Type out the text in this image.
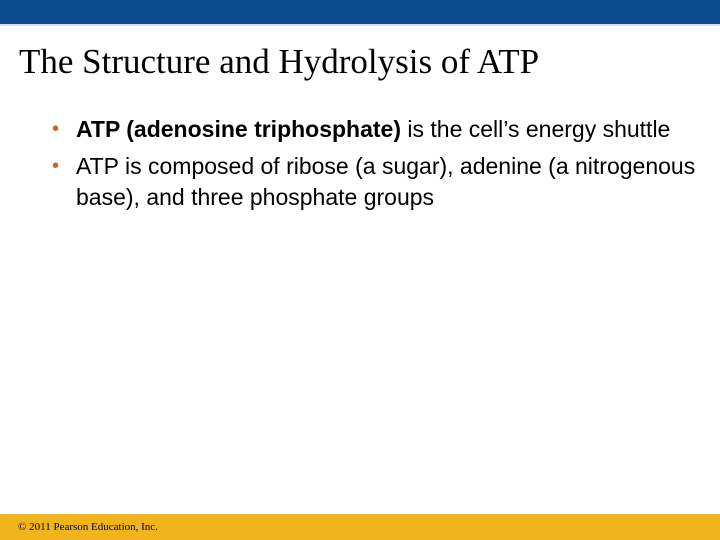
The Structure and Hydrolysis of ATP
• ATP (adenosine triphosphate) is the cell’s energy shuttle
• ATP is composed of ribose (a sugar), adenine (a nitrogenous base), and three phosphate groups
© 2011 Pearson Education, Inc.
